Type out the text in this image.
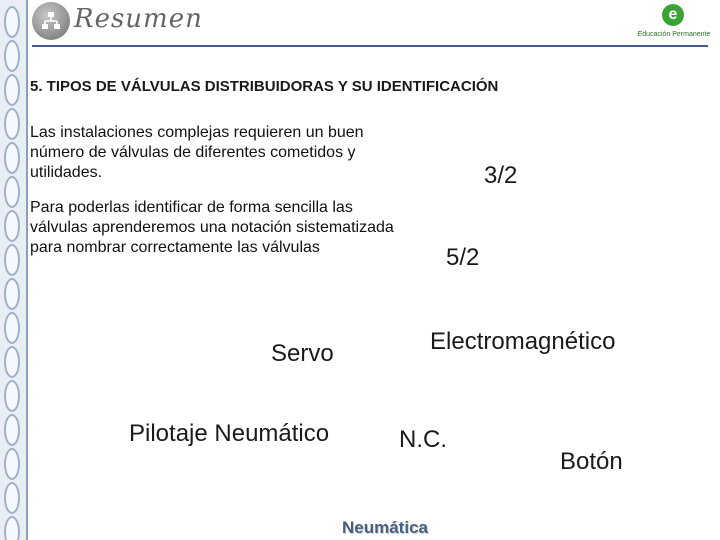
Resumen	e
Educación Permanente
5. TIPOS DE VÁLVULAS DISTRIBUIDORAS Y SU IDENTIFICACIÓN
Las instalaciones complejas requieren un buen número de válvulas de diferentes cometidos y utilidades.
Para poderlas identificar de forma sencilla las válvulas aprenderemos una notación sistematizada para nombrar correctamente las válvulas
3/2
5/2
Electromagnético
Servo
Pilotaje Neumático	N.C.
Botón
Neumática
